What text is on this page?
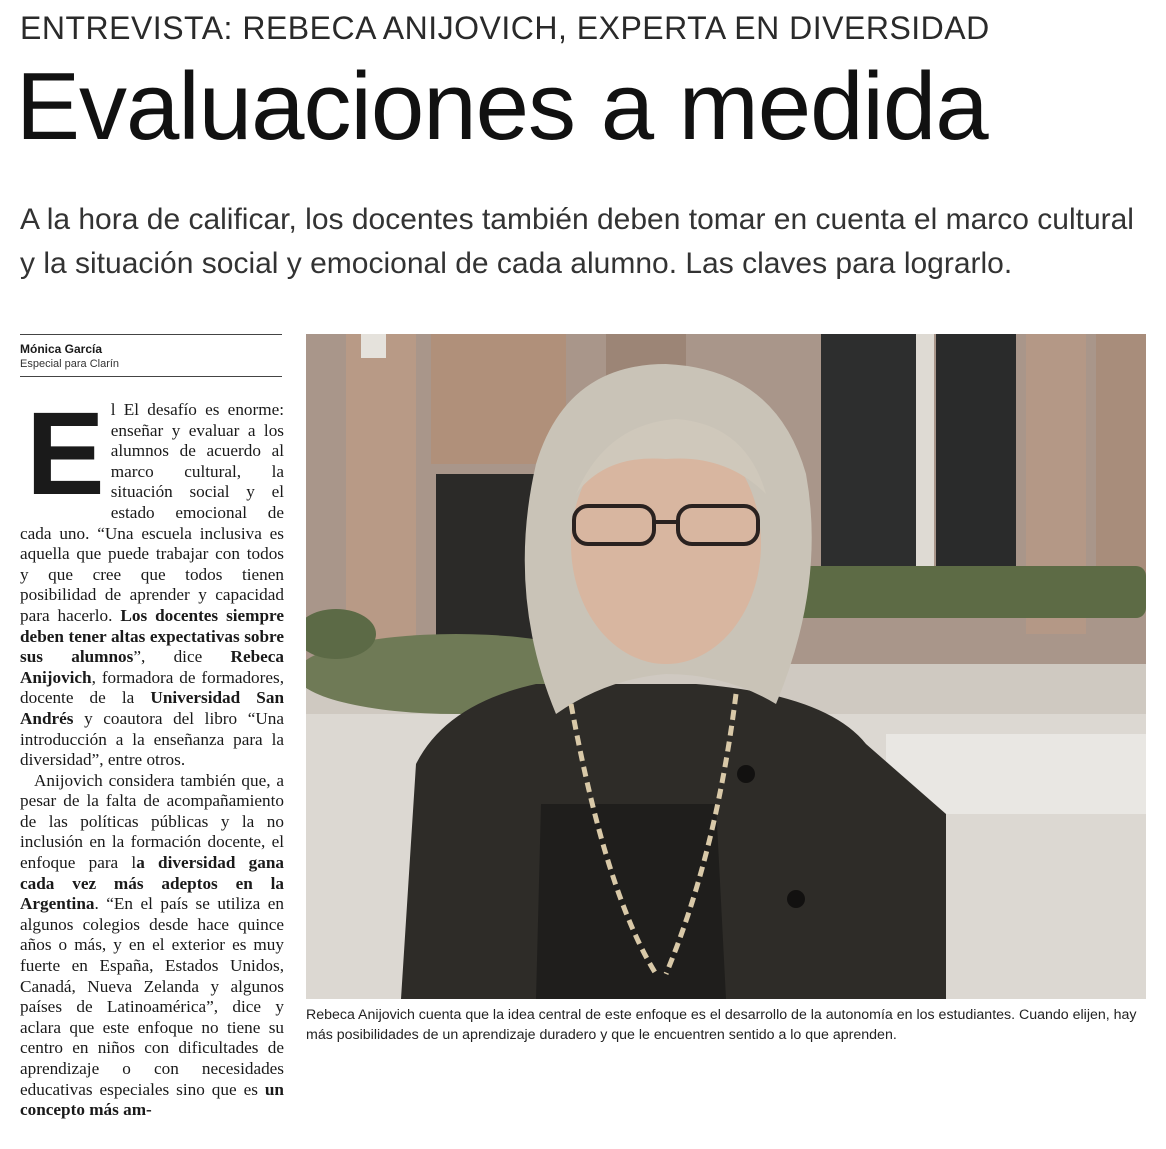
ENTREVISTA: REBECA ANIJOVICH, EXPERTA EN DIVERSIDAD
Evaluaciones a medida
A la hora de calificar, los docentes también deben tomar en cuenta el marco cultural y la situación social y emocional de cada alumno. Las claves para lograrlo.
Mónica García
Especial para Clarín

El El desafío es enorme: enseñar y evaluar a los alumnos de acuerdo al marco cultural, la situación social y el estado emocional de cada uno. “Una escuela inclusiva es aquella que puede trabajar con todos y que cree que todos tienen posibilidad de aprender y capacidad para hacerlo. Los docentes siempre deben tener altas expectativas sobre sus alumnos”, dice Rebeca Anijovich, formadora de formadores, docente de la Universidad San Andrés y coautora del libro “Una introducción a la enseñanza para la diversidad”, entre otros.

Anijovich considera también que, a pesar de la falta de acompañamiento de las políticas públicas y la no inclusión en la formación docente, el enfoque para la diversidad gana cada vez más adeptos en la Argentina. “En el país se utiliza en algunos colegios desde hace quince años o más, y en el exterior es muy fuerte en España, Estados Unidos, Canadá, Nueva Zelanda y algunos países de Latinoamérica”, dice y aclara que este enfoque no tiene su centro en niños con dificultades de aprendizaje o con necesidades educativas especiales sino que es un concepto más am-

Rebeca Anijovich cuenta que la idea central de este enfoque es el desarrollo de la autonomía en los estudiantes. Cuando elijen, hay más posibilidades de un aprendizaje duradero y que le encuentren sentido a lo que aprenden.
